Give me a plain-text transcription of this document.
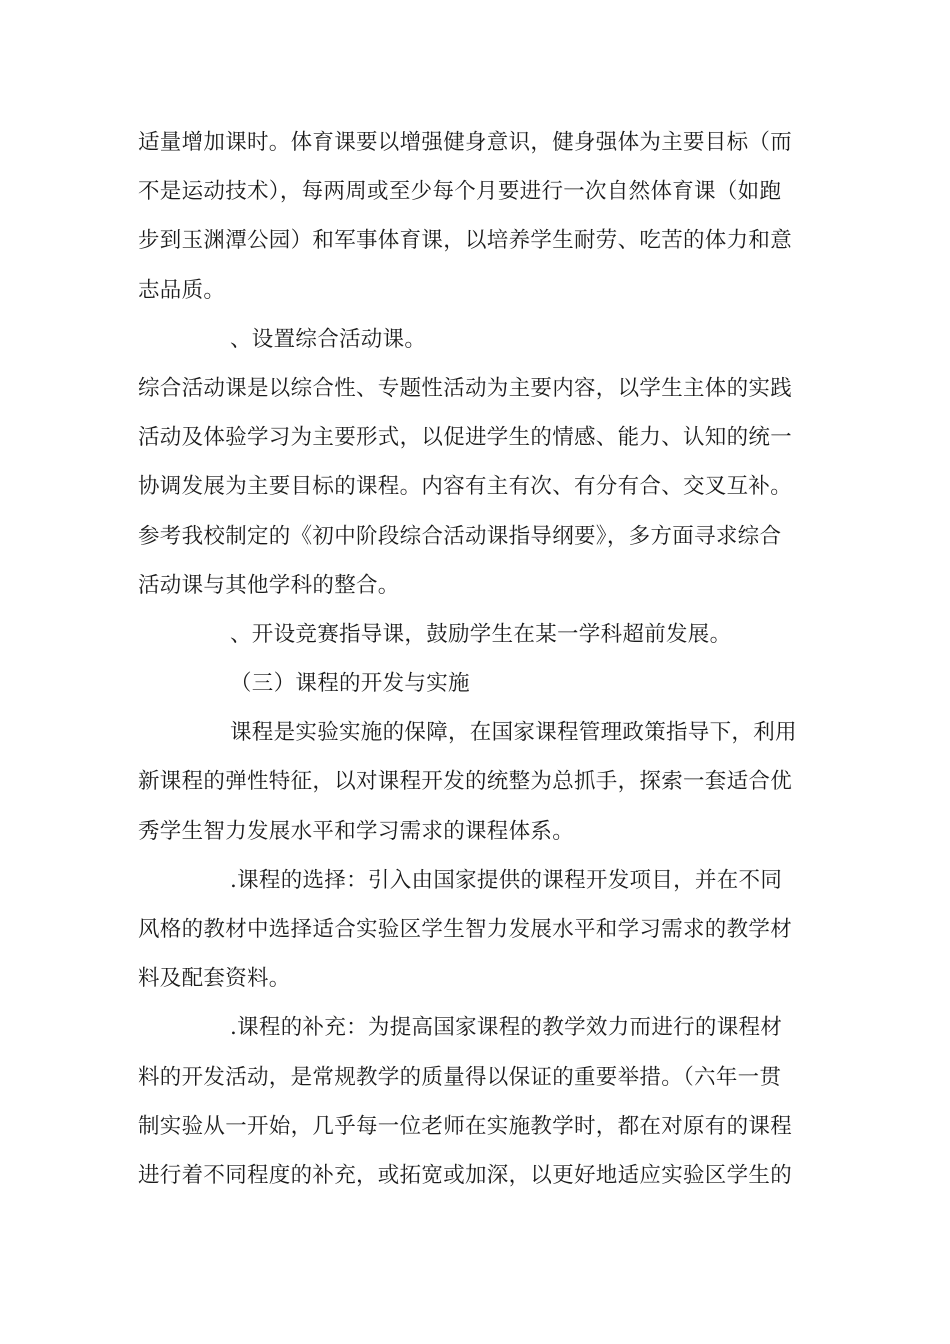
适量增加课时。体育课要以增强健身意识，健身强体为主要目标（而
不是运动技术），每两周或至少每个月要进行一次自然体育课（如跑
步到玉渊潭公园）和军事体育课，以培养学生耐劳、吃苦的体力和意
志品质。
、设置综合活动课。
综合活动课是以综合性、专题性活动为主要内容，以学生主体的实践
活动及体验学习为主要形式，以促进学生的情感、能力、认知的统一
协调发展为主要目标的课程。内容有主有次、有分有合、交叉互补。
参考我校制定的《初中阶段综合活动课指导纲要》，多方面寻求综合
活动课与其他学科的整合。
、开设竞赛指导课，鼓励学生在某一学科超前发展。
（三）课程的开发与实施
课程是实验实施的保障，在国家课程管理政策指导下，利用
新课程的弹性特征，以对课程开发的统整为总抓手，探索一套适合优
秀学生智力发展水平和学习需求的课程体系。
.课程的选择：引入由国家提供的课程开发项目，并在不同
风格的教材中选择适合实验区学生智力发展水平和学习需求的教学材
料及配套资料。
.课程的补充：为提高国家课程的教学效力而进行的课程材
料的开发活动，是常规教学的质量得以保证的重要举措。（六年一贯
制实验从一开始，几乎每一位老师在实施教学时，都在对原有的课程
进行着不同程度的补充，或拓宽或加深，以更好地适应实验区学生的
